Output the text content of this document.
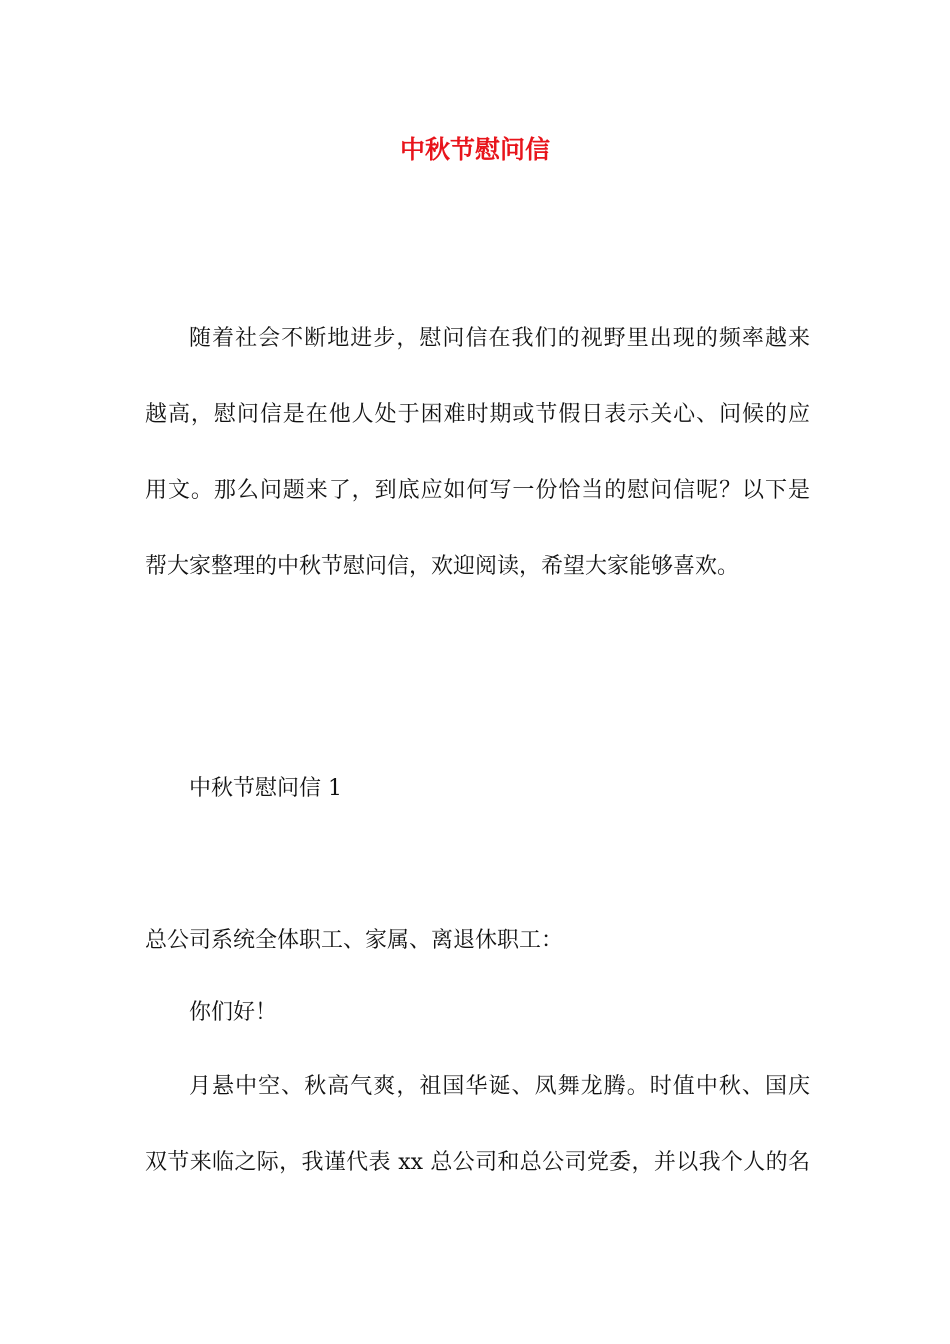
中秋节慰问信

随着社会不断地进步，慰问信在我们的视野里出现的频率越来

越高，慰问信是在他人处于困难时期或节假日表示关心、问候的应

用文。那么问题来了，到底应如何写一份恰当的慰问信呢？以下是

帮大家整理的中秋节慰问信，欢迎阅读，希望大家能够喜欢。

中秋节慰问信 1

总公司系统全体职工、家属、离退休职工：

你们好！

月悬中空、秋高气爽，祖国华诞、凤舞龙腾。时值中秋、国庆

双节来临之际，我谨代表 xx 总公司和总公司党委，并以我个人的名
